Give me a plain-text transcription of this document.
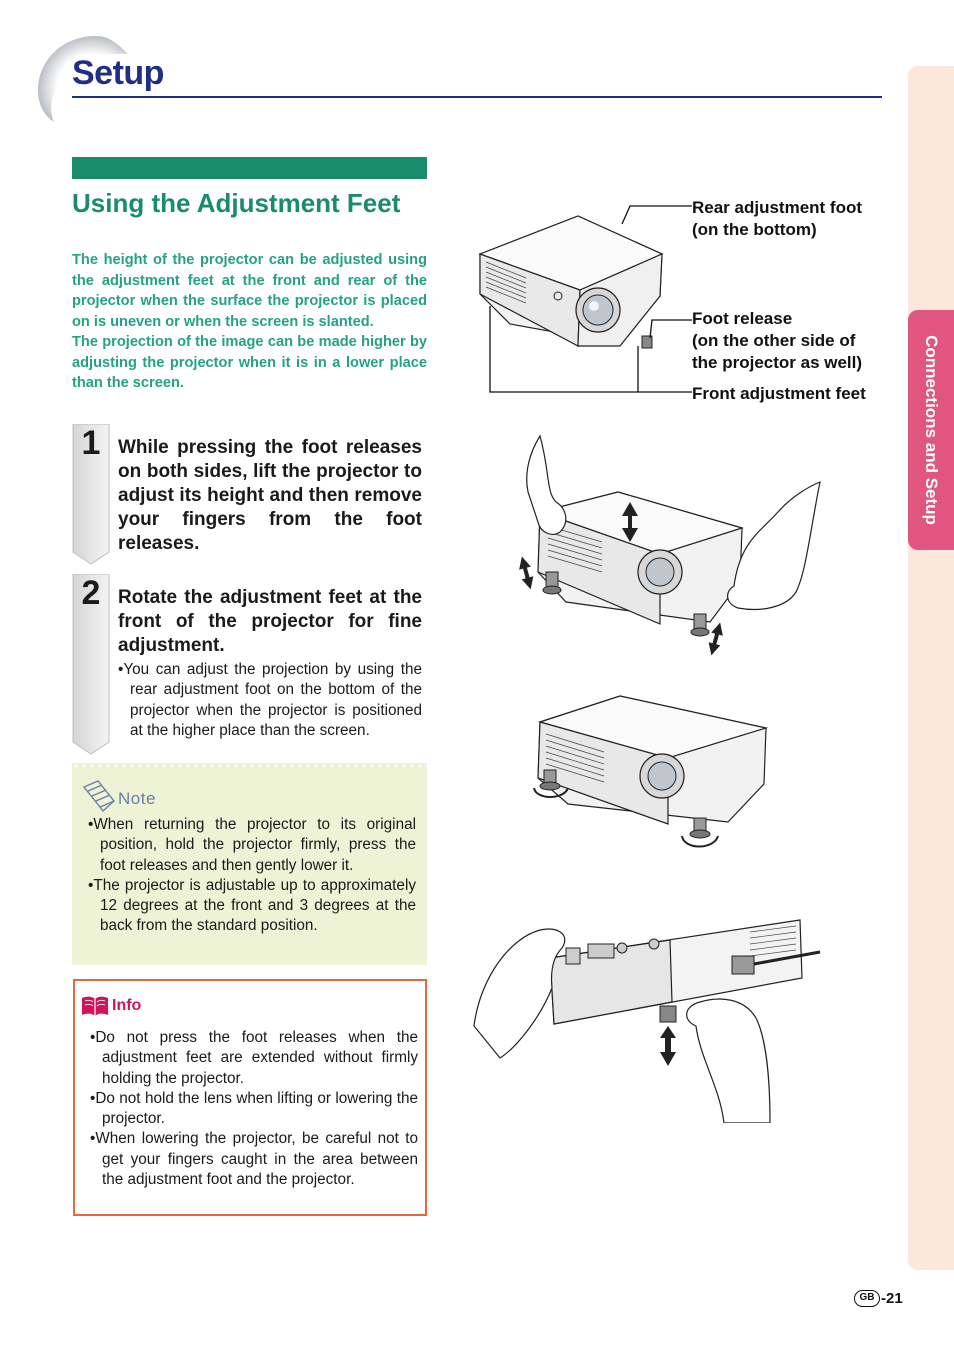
Setup
Connections and Setup
Using the Adjustment Feet

The height of the projector can be adjusted using the adjustment feet at the front and rear of the projector when the surface the projector is placed on is uneven or when the screen is slanted.

The projection of the image can be made higher by adjusting the projector when it is in a lower place than the screen.

1 While pressing the foot releases on both sides, lift the projector to adjust its height and then remove your fingers from the foot releases.
2 Rotate the adjustment feet at the front of the projector for fine adjustment.
•You can adjust the projection by using the rear adjustment foot on the bottom of the projector when the projector is positioned at the higher place than the screen.
Note
•When returning the projector to its original position, hold the projector firmly, press the foot releases and then gently lower it.
•The projector is adjustable up to approximately 12 degrees at the front and 3 degrees at the back from the standard position.
Info
•Do not press the foot releases when the adjustment feet are extended without firmly holding the projector.
•Do not hold the lens when lifting or lowering the projector.
•When lowering the projector, be careful not to get your fingers caught in the area between the adjustment foot and the projector.
Rear adjustment foot
(on the bottom)
Foot release
(on the other side of
the projector as well)
Front adjustment feet
GB -21
